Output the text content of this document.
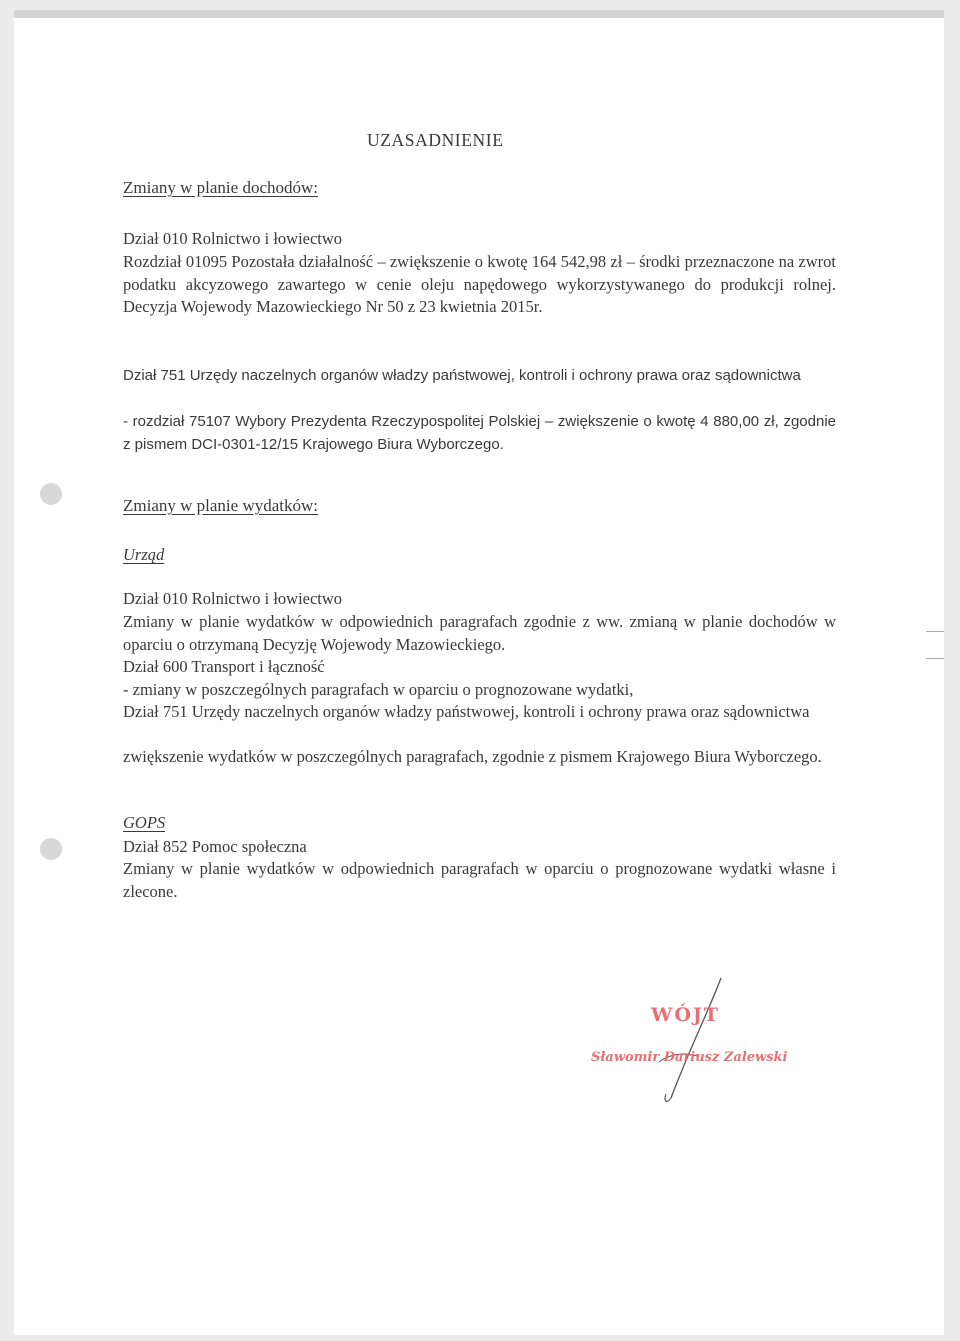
UZASADNIENIE

Zmiany w planie dochodów:

Dział 010 Rolnictwo i łowiectwo

Rozdział 01095 Pozostała działalność – zwiększenie o kwotę 164 542,98 zł – środki przeznaczone na zwrot podatku akcyzowego zawartego w cenie oleju napędowego wykorzystywanego do produkcji rolnej. Decyzja Wojewody Mazowieckiego Nr 50 z 23 kwietnia 2015r.

Dział 751 Urzędy naczelnych organów władzy państwowej, kontroli i ochrony prawa oraz sądownictwa

- rozdział 75107 Wybory Prezydenta Rzeczypospolitej Polskiej – zwiększenie o kwotę 4 880,00 zł, zgodnie z pismem DCI-0301-12/15 Krajowego Biura Wyborczego.

Zmiany w planie wydatków:

Urząd

Dział 010 Rolnictwo i łowiectwo

Zmiany w planie wydatków w odpowiednich paragrafach zgodnie z ww. zmianą w planie dochodów w oparciu o otrzymaną Decyzję Wojewody Mazowieckiego.

Dział 600 Transport i łączność

- zmiany w poszczególnych paragrafach w oparciu o prognozowane wydatki,

Dział 751 Urzędy naczelnych organów władzy państwowej, kontroli i ochrony prawa oraz sądownictwa

zwiększenie wydatków w poszczególnych paragrafach, zgodnie z pismem Krajowego Biura Wyborczego.

GOPS

Dział 852 Pomoc społeczna

Zmiany w planie wydatków w odpowiednich paragrafach w oparciu o prognozowane wydatki własne i zlecone.

WÓJT

Sławomir Dariusz Zalewski
